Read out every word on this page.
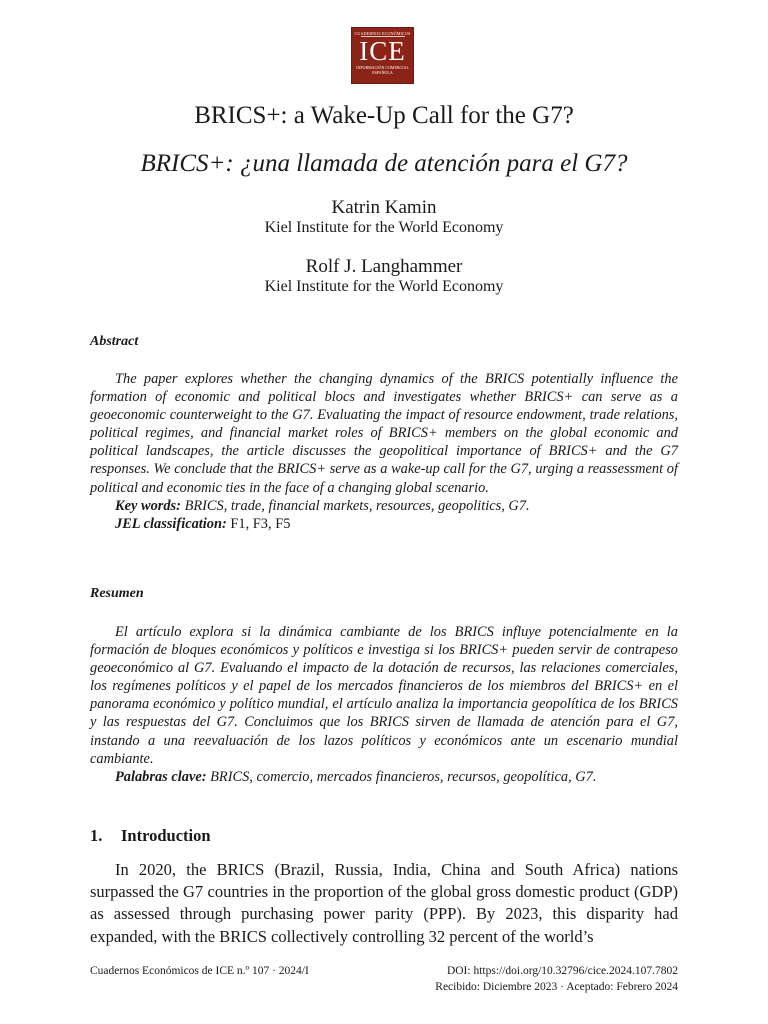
CUADERNOS ECONÓMICOS
ICE
INFORMACIÓN COMERCIAL
ESPAÑOLA
BRICS+: a Wake-Up Call for the G7?
BRICS+: ¿una llamada de atención para el G7?
Katrin Kamin
Kiel Institute for the World Economy
Rolf J. Langhammer
Kiel Institute for the World Economy
Abstract

The paper explores whether the changing dynamics of the BRICS potentially influence the formation of economic and political blocs and investigates whether BRICS+ can serve as a geoeconomic counterweight to the G7. Evaluating the impact of resource endowment, trade relations, political regimes, and financial market roles of BRICS+ members on the global economic and political landscapes, the article discusses the geopolitical importance of BRICS+ and the G7 responses. We conclude that the BRICS+ serve as a wake-up call for the G7, urging a reassessment of political and economic ties in the face of a changing global scenario.

Key words: BRICS, trade, financial markets, resources, geopolitics, G7.

JEL classification: F1, F3, F5

Resumen

El artículo explora si la dinámica cambiante de los BRICS influye potencialmente en la formación de bloques económicos y políticos e investiga si los BRICS+ pueden servir de contrapeso geoeconómico al G7. Evaluando el impacto de la dotación de recursos, las relaciones comerciales, los regímenes políticos y el papel de los mercados financieros de los miembros del BRICS+ en el panorama económico y político mundial, el artículo analiza la importancia geopolítica de los BRICS y las respuestas del G7. Concluimos que los BRICS sirven de llamada de atención para el G7, instando a una reevaluación de los lazos políticos y económicos ante un escenario mundial cambiante.

Palabras clave: BRICS, comercio, mercados financieros, recursos, geopolítica, G7.

1. Introduction

In 2020, the BRICS (Brazil, Russia, India, China and South Africa) nations surpassed the G7 countries in the proportion of the global gross domestic product (GDP) as assessed through purchasing power parity (PPP). By 2023, this disparity had expanded, with the BRICS collectively controlling 32 percent of the world’s

Cuadernos Económicos de ICE n.º 107 · 2024/I	DOI: https://doi.org/10.32796/cice.2024.107.7802
Recibido: Diciembre 2023 · Aceptado: Febrero 2024
